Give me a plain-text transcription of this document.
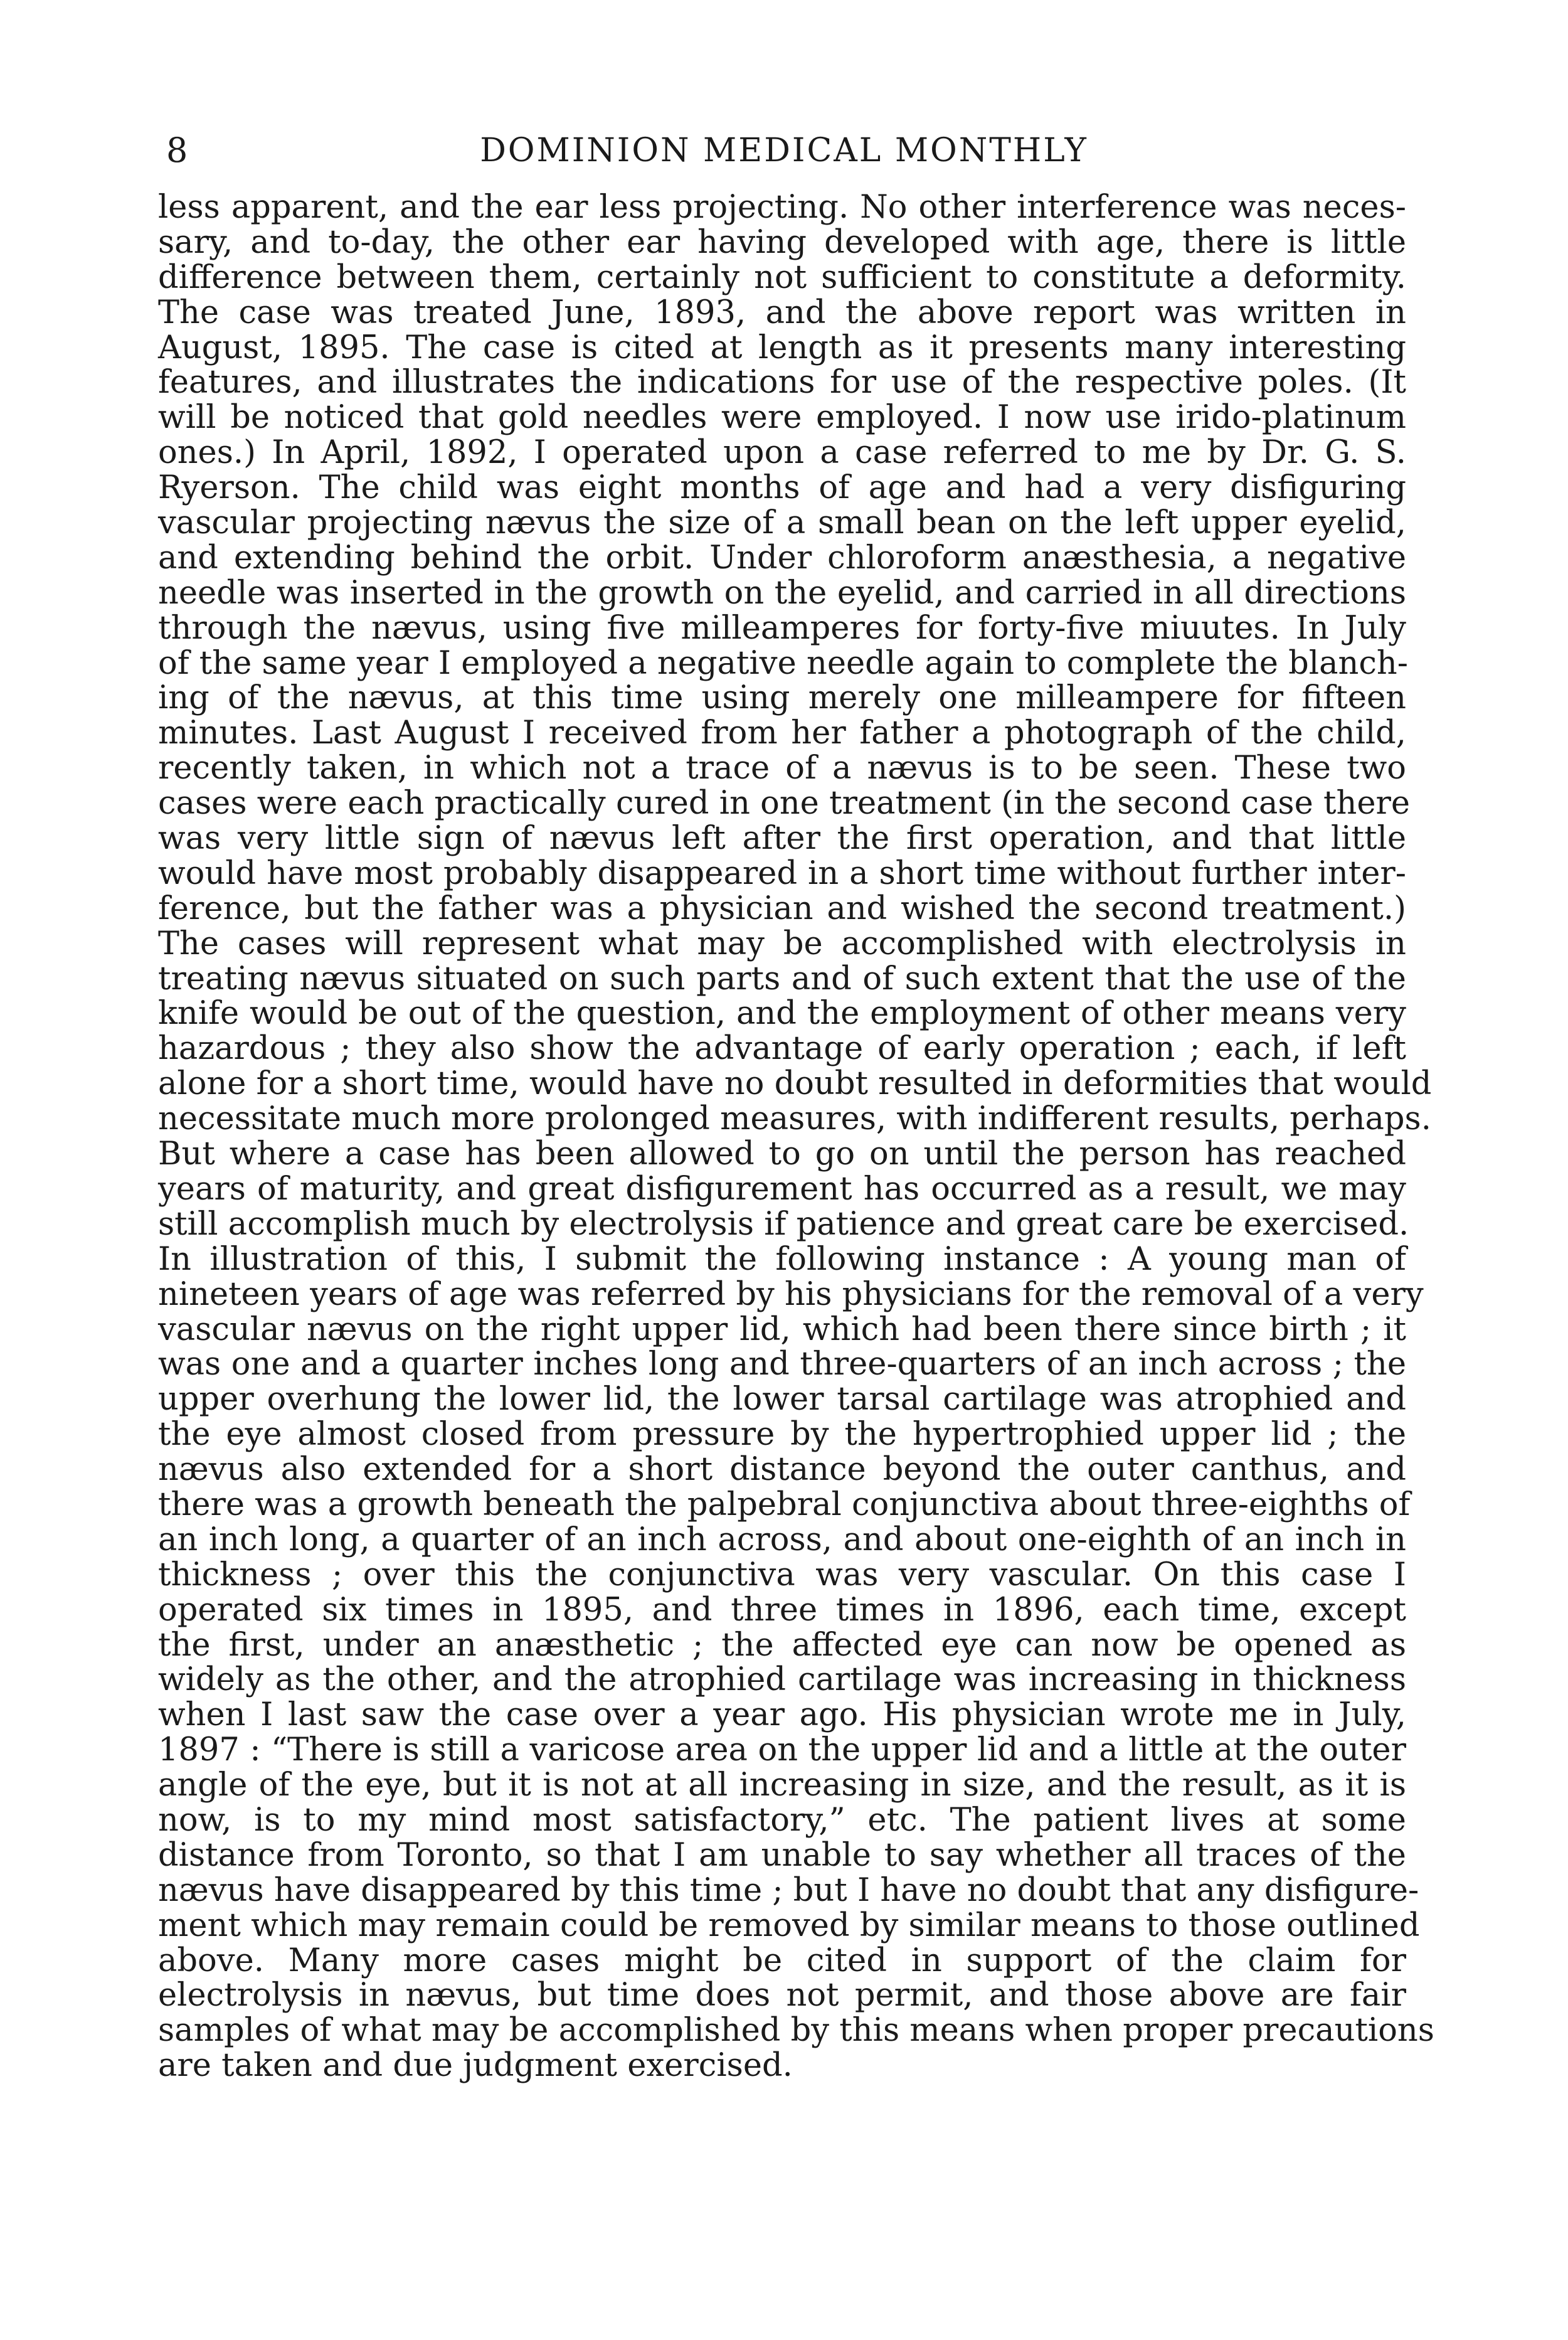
8	DOMINION MEDICAL MONTHLY
less apparent, and the ear less projecting. No other interference was neces-
sary, and to-day, the other ear having developed with age, there is little
difference between them, certainly not sufficient to constitute a deformity.
The case was treated June, 1893, and the above report was written in
August, 1895. The case is cited at length as it presents many interesting
features, and illustrates the indications for use of the respective poles. (It
will be noticed that gold needles were employed. I now use irido-platinum
ones.) In April, 1892, I operated upon a case referred to me by Dr. G. S.
Ryerson. The child was eight months of age and had a very disfiguring
vascular projecting nævus the size of a small bean on the left upper eyelid,
and extending behind the orbit. Under chloroform anæsthesia, a negative
needle was inserted in the growth on the eyelid, and carried in all directions
through the nævus, using five milleamperes for forty-five miuutes. In July
of the same year I employed a negative needle again to complete the blanch-
ing of the nævus, at this time using merely one milleampere for fifteen
minutes. Last August I received from her father a photograph of the child,
recently taken, in which not a trace of a nævus is to be seen. These two
cases were each practically cured in one treatment (in the second case there
was very little sign of nævus left after the first operation, and that little
would have most probably disappeared in a short time without further inter-
ference, but the father was a physician and wished the second treatment.)
The cases will represent what may be accomplished with electrolysis in
treating nævus situated on such parts and of such extent that the use of the
knife would be out of the question, and the employment of other means very
hazardous ; they also show the advantage of early operation ; each, if left
alone for a short time, would have no doubt resulted in deformities that would
necessitate much more prolonged measures, with indifferent results, perhaps.
But where a case has been allowed to go on until the person has reached
years of maturity, and great disfigurement has occurred as a result, we may
still accomplish much by electrolysis if patience and great care be exercised.
In illustration of this, I submit the following instance : A young man of
nineteen years of age was referred by his physicians for the removal of a very
vascular nævus on the right upper lid, which had been there since birth ; it
was one and a quarter inches long and three-quarters of an inch across ; the
upper overhung the lower lid, the lower tarsal cartilage was atrophied and
the eye almost closed from pressure by the hypertrophied upper lid ; the
nævus also extended for a short distance beyond the outer canthus, and
there was a growth beneath the palpebral conjunctiva about three-eighths of
an inch long, a quarter of an inch across, and about one-eighth of an inch in
thickness ; over this the conjunctiva was very vascular. On this case I
operated six times in 1895, and three times in 1896, each time, except
the first, under an anæsthetic ; the affected eye can now be opened as
widely as the other, and the atrophied cartilage was increasing in thickness
when I last saw the case over a year ago. His physician wrote me in July,
1897 : “There is still a varicose area on the upper lid and a little at the outer
angle of the eye, but it is not at all increasing in size, and the result, as it is
now, is to my mind most satisfactory,” etc. The patient lives at some
distance from Toronto, so that I am unable to say whether all traces of the
nævus have disappeared by this time ; but I have no doubt that any disfigure-
ment which may remain could be removed by similar means to those outlined
above. Many more cases might be cited in support of the claim for
electrolysis in nævus, but time does not permit, and those above are fair
samples of what may be accomplished by this means when proper precautions
are taken and due judgment exercised.
